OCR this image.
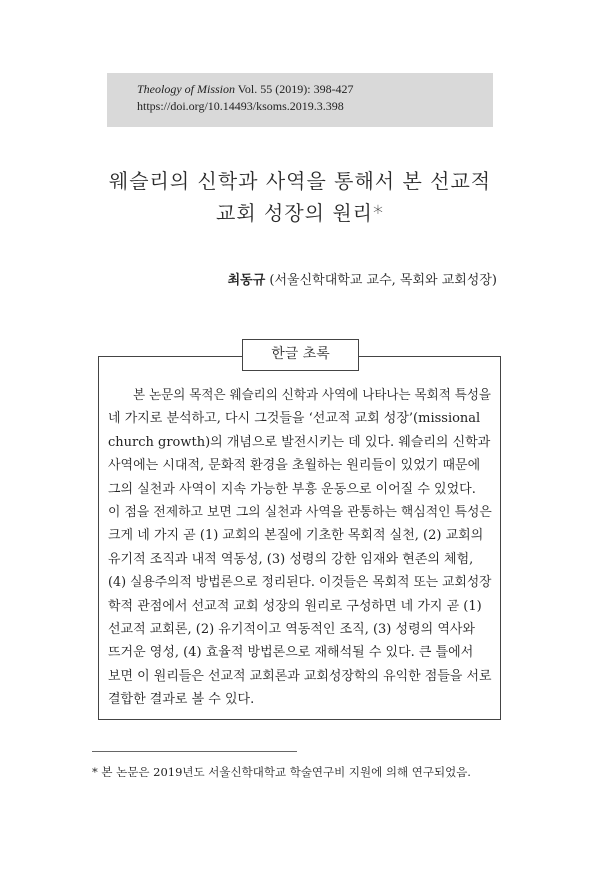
Theology of Mission Vol. 55 (2019): 398-427
https://doi.org/10.14493/ksoms.2019.3.398
웨슬리의 신학과 사역을 통해서 본 선교적
교회 성장의 원리*
최동규 (서울신학대학교 교수, 목회와 교회성장)
한글 초록
본 논문의 목적은 웨슬리의 신학과 사역에 나타나는 목회적 특성을
네 가지로 분석하고, 다시 그것들을 ‘선교적 교회 성장’(missional
church growth)의 개념으로 발전시키는 데 있다. 웨슬리의 신학과
사역에는 시대적, 문화적 환경을 초월하는 원리들이 있었기 때문에
그의 실천과 사역이 지속 가능한 부흥 운동으로 이어질 수 있었다.
이 점을 전제하고 보면 그의 실천과 사역을 관통하는 핵심적인 특성은
크게 네 가지 곧 (1) 교회의 본질에 기초한 목회적 실천, (2) 교회의
유기적 조직과 내적 역동성, (3) 성령의 강한 임재와 현존의 체험,
(4) 실용주의적 방법론으로 정리된다. 이것들은 목회적 또는 교회성장
학적 관점에서 선교적 교회 성장의 원리로 구성하면 네 가지 곧 (1)
선교적 교회론, (2) 유기적이고 역동적인 조직, (3) 성령의 역사와
뜨거운 영성, (4) 효율적 방법론으로 재해석될 수 있다. 큰 틀에서
보면 이 원리들은 선교적 교회론과 교회성장학의 유익한 점들을 서로
결합한 결과로 볼 수 있다.
* 본 논문은 2019년도 서울신학대학교 학술연구비 지원에 의해 연구되었음.
